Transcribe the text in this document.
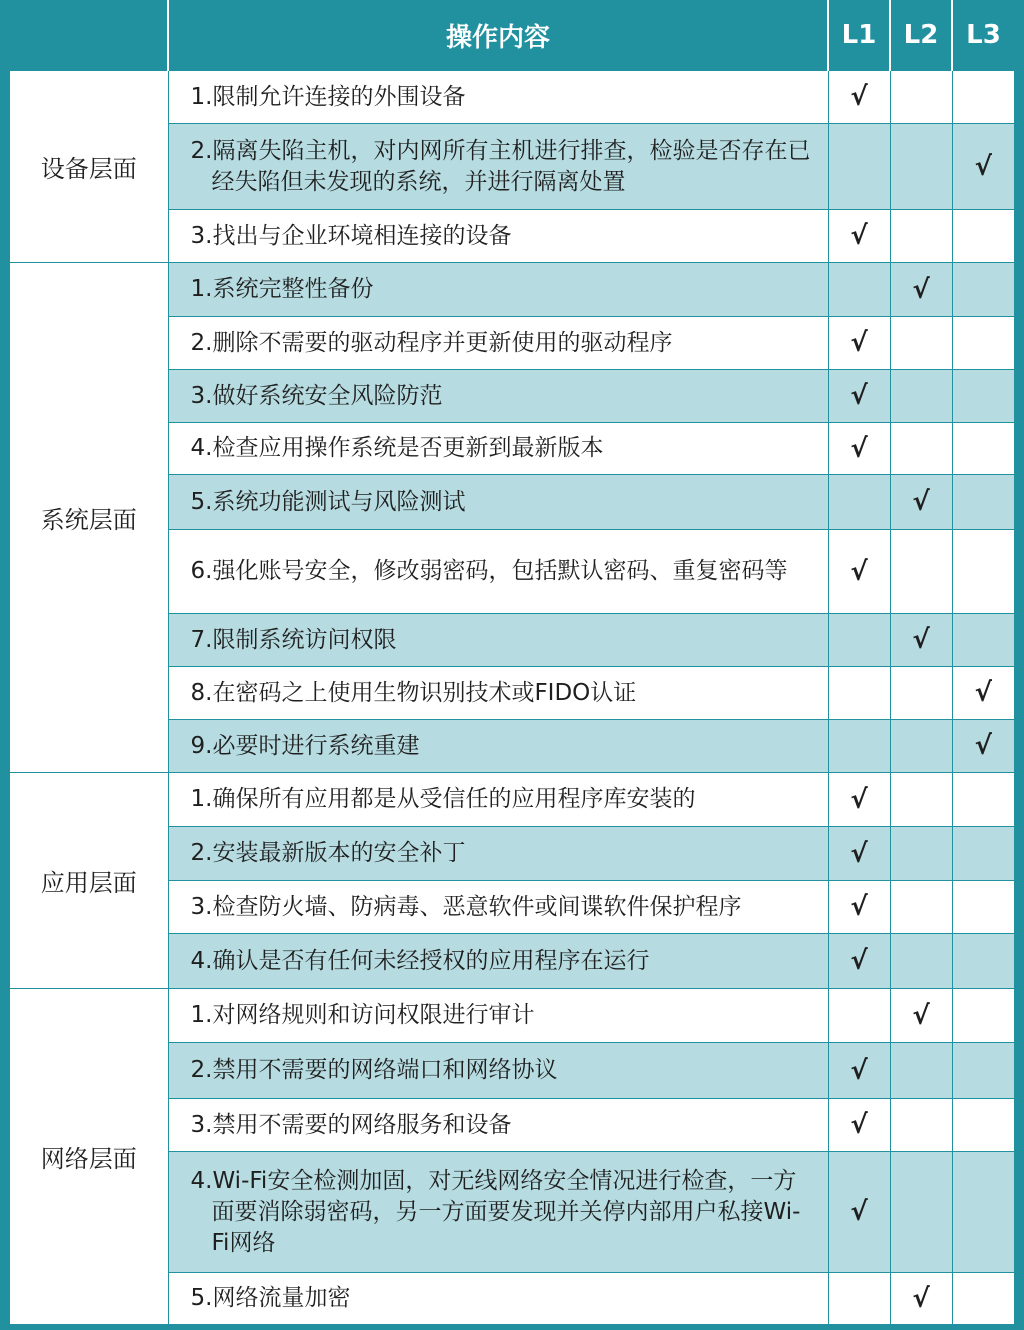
	操作内容	L1	L2	L3
设备层面	1.限制允许连接的外围设备	√		

	2.隔离失陷主机，对内网所有主机进行排查，检验是否存在已经失陷但未发现的系统，并进行隔离处置			√

	3.找出与企业环境相连接的设备	√		
系统层面	1.系统完整性备份		√	

	2.删除不需要的驱动程序并更新使用的驱动程序	√		

	3.做好系统安全风险防范	√		

	4.检查应用操作系统是否更新到最新版本	√		

	5.系统功能测试与风险测试		√	

	6.强化账号安全，修改弱密码，包括默认密码、重复密码等	√		

	7.限制系统访问权限		√	

	8.在密码之上使用生物识别技术或FIDO认证			√

	9.必要时进行系统重建			√
应用层面	1.确保所有应用都是从受信任的应用程序库安装的	√		

	2.安装最新版本的安全补丁	√		

	3.检查防火墙、防病毒、恶意软件或间谍软件保护程序	√		

	4.确认是否有任何未经授权的应用程序在运行	√		
网络层面	1.对网络规则和访问权限进行审计		√	

	2.禁用不需要的网络端口和网络协议	√		

	3.禁用不需要的网络服务和设备	√		

	4.Wi-Fi安全检测加固，对无线网络安全情况进行检查，一方面要消除弱密码，另一方面要发现并关停内部用户私接Wi-Fi网络	√		

	5.网络流量加密		√	
